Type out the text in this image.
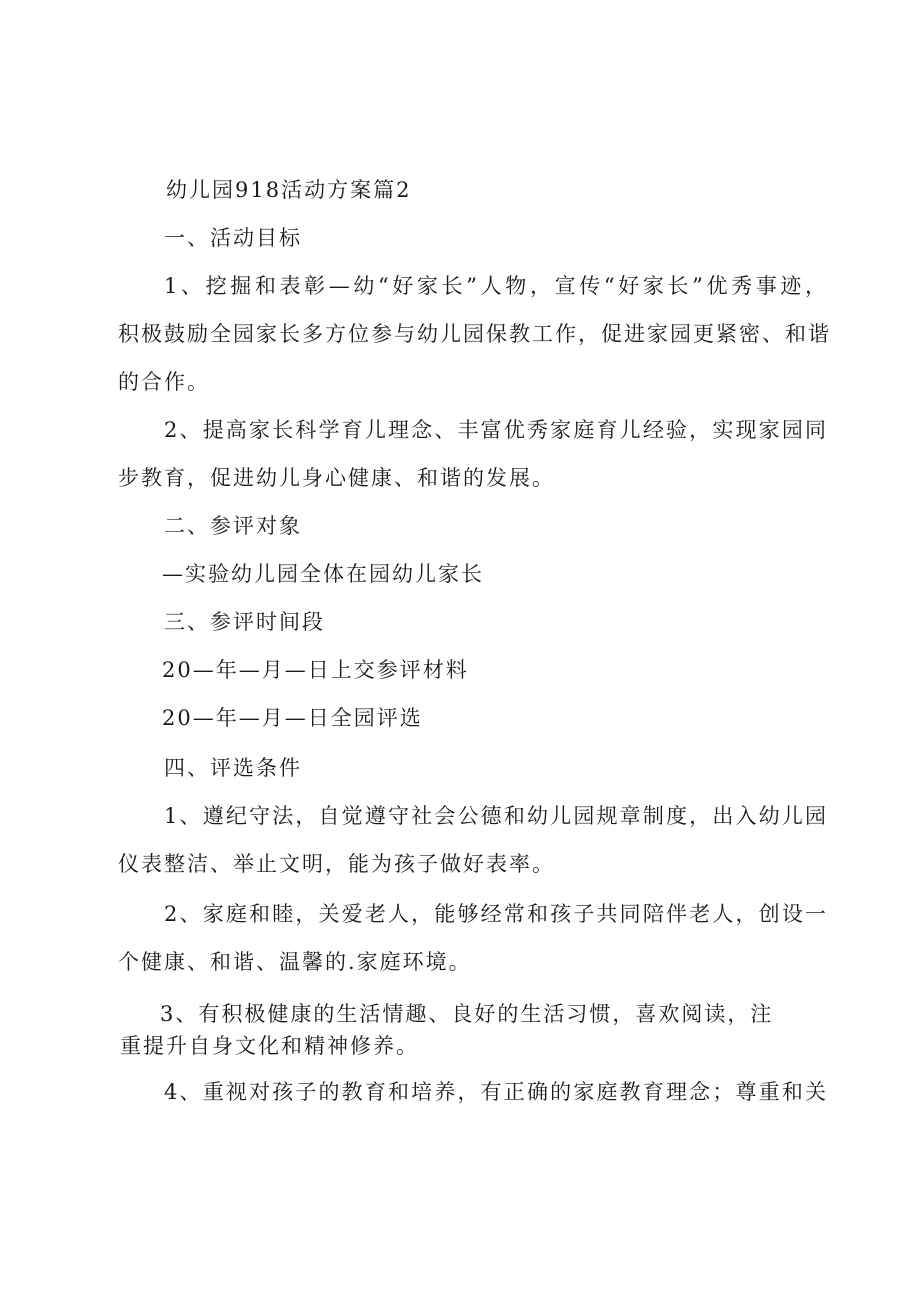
幼儿园918活动方案篇2
一、活动目标
1、挖掘和表彰—幼“好家长”人物，宣传“好家长”优秀事迹，
积极鼓励全园家长多方位参与幼儿园保教工作，促进家园更紧密、和谐
的合作。
2、提高家长科学育儿理念、丰富优秀家庭育儿经验，实现家园同
步教育，促进幼儿身心健康、和谐的发展。
二、参评对象
—实验幼儿园全体在园幼儿家长
三、参评时间段
20—年—月—日上交参评材料
20—年—月—日全园评选
四、评选条件
1、遵纪守法，自觉遵守社会公德和幼儿园规章制度，出入幼儿园
仪表整洁、举止文明，能为孩子做好表率。
2、家庭和睦，关爱老人，能够经常和孩子共同陪伴老人，创设一
个健康、和谐、温馨的.家庭环境。
3、有积极健康的生活情趣、良好的生活习惯，喜欢阅读，注
重提升自身文化和精神修养。
4、重视对孩子的教育和培养，有正确的家庭教育理念；尊重和关
